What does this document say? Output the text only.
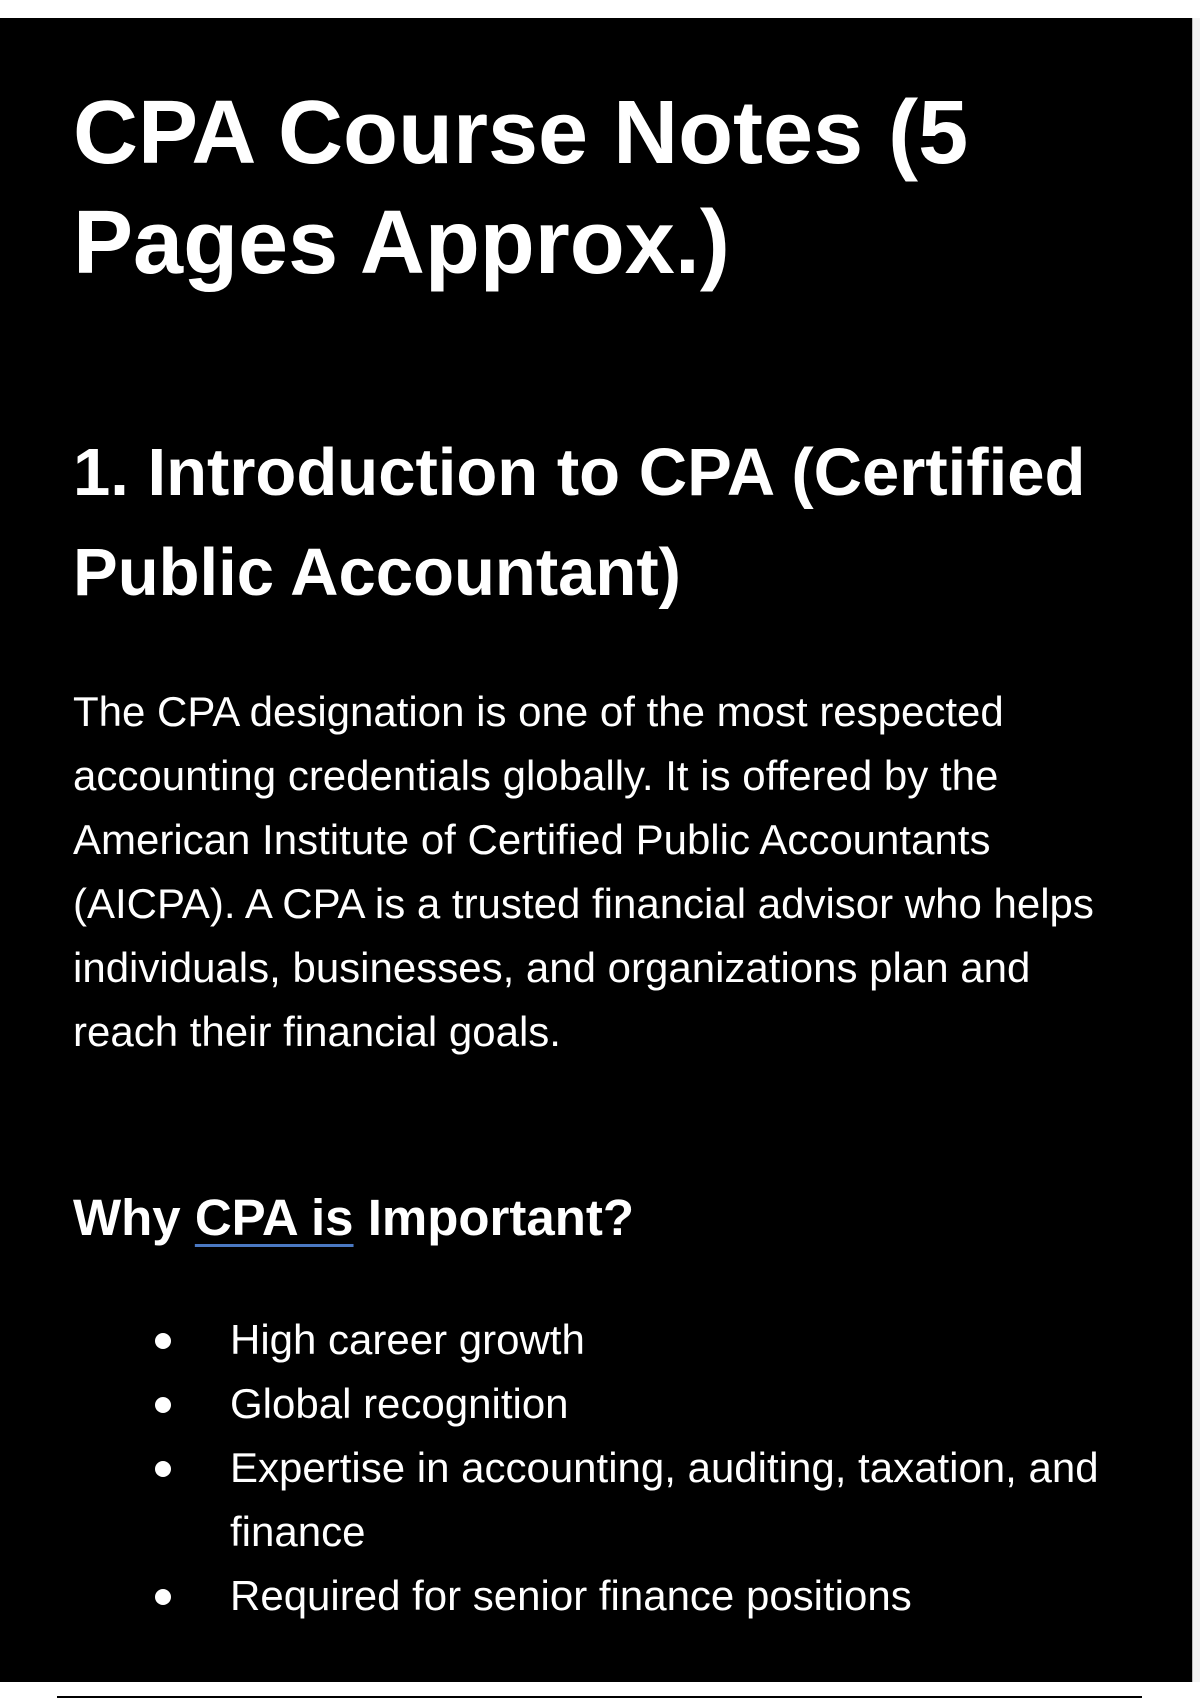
CPA Course Notes (5 Pages Approx.)
1. Introduction to CPA (Certified Public Accountant)

The CPA designation is one of the most respected accounting credentials globally. It is offered by the American Institute of Certified Public Accountants (AICPA). A CPA is a trusted financial advisor who helps individuals, businesses, and organizations plan and reach their financial goals.

Why CPA is Important?
High career growth
Global recognition
Expertise in accounting, auditing, taxation, and finance
Required for senior finance positions
